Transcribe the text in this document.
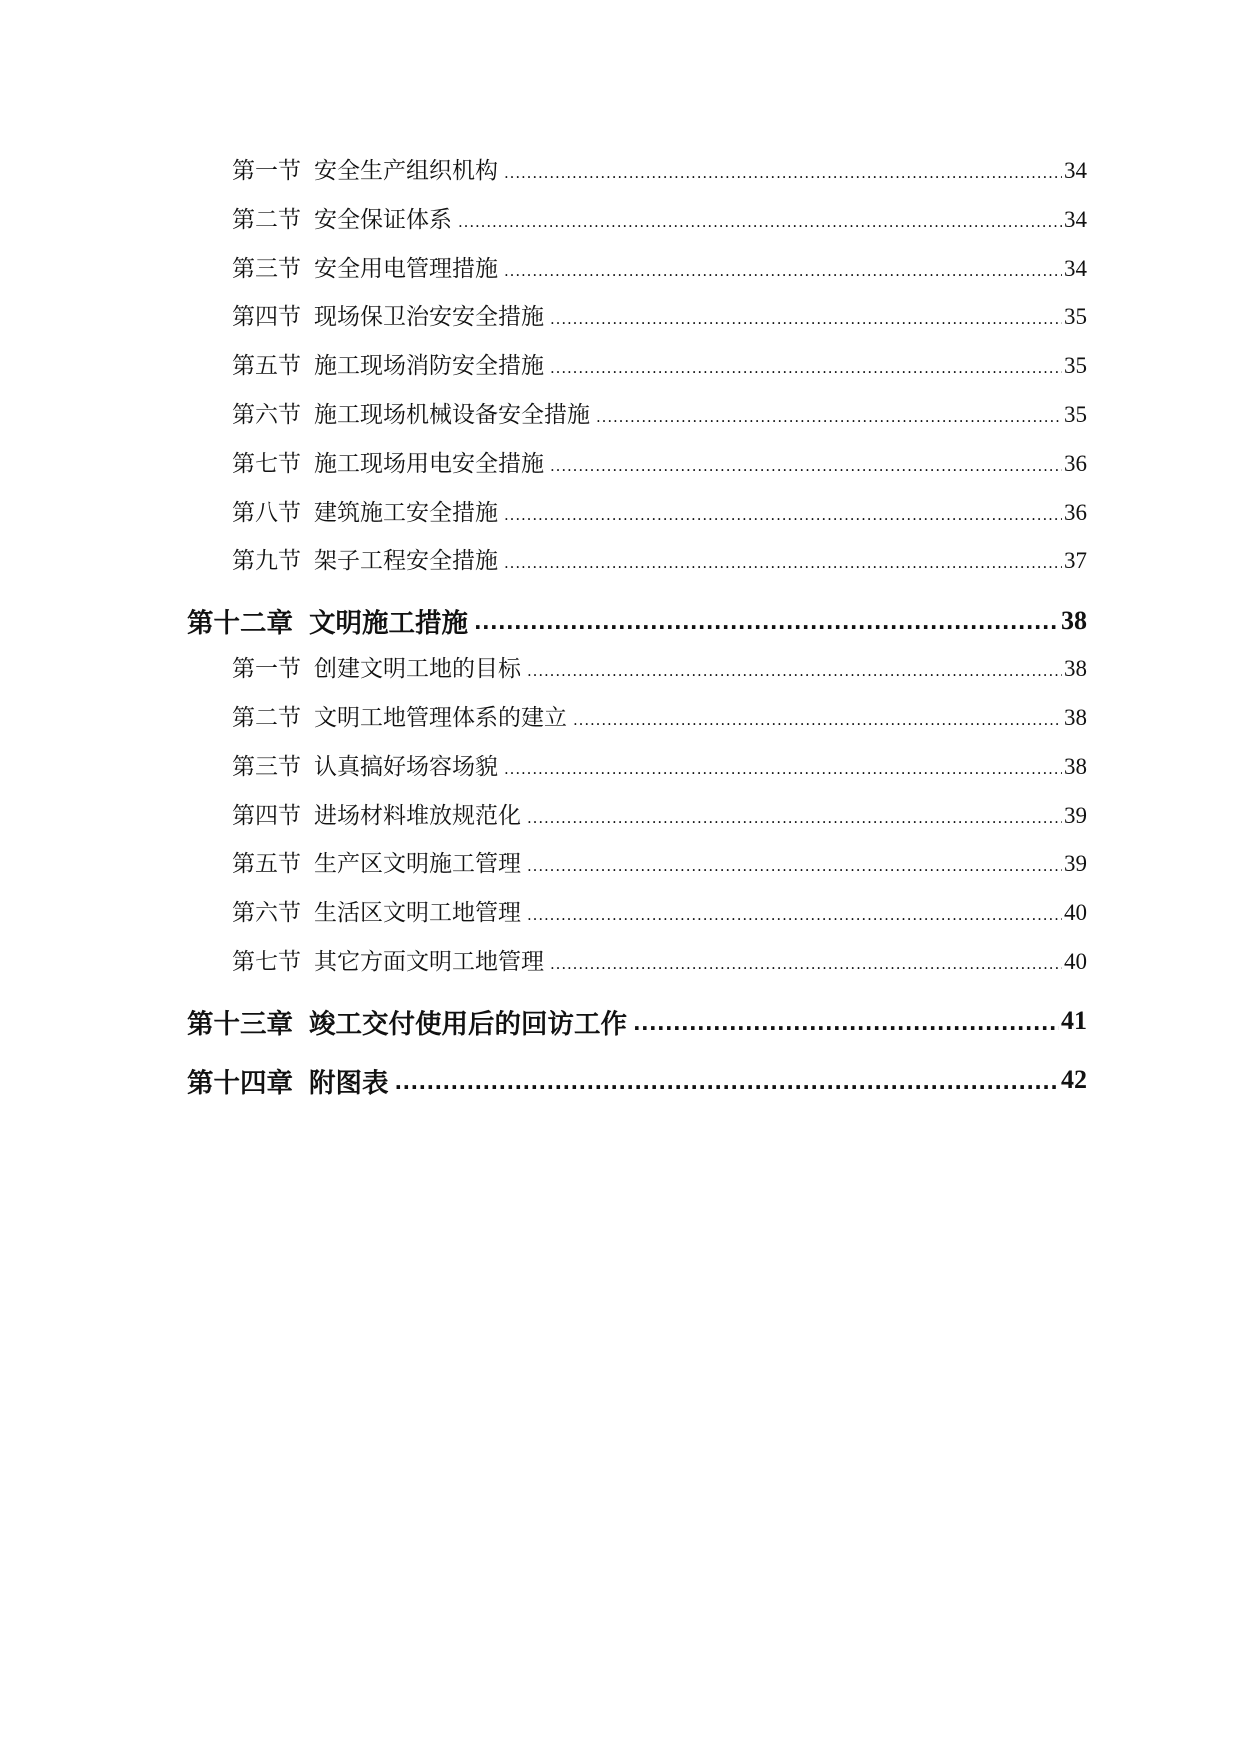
第一节 安全生产组织机构 .....	34
第二节 安全保证体系 .....	34
第三节 安全用电管理措施 .....	34
第四节 现场保卫治安安全措施 .....	35
第五节 施工现场消防安全措施 .....	35
第六节 施工现场机械设备安全措施 .....	35
第七节 施工现场用电安全措施 .....	36
第八节 建筑施工安全措施 .....	36
第九节 架子工程安全措施 .....	37
第十二章 文明施工措施 .....	38
第一节 创建文明工地的目标 .....	38
第二节 文明工地管理体系的建立 .....	38
第三节 认真搞好场容场貌 .....	38
第四节 进场材料堆放规范化 .....	39
第五节 生产区文明施工管理 .....	39
第六节 生活区文明工地管理 .....	40
第七节 其它方面文明工地管理 .....	40
第十三章 竣工交付使用后的回访工作 .....	41
第十四章 附图表 .....	42
